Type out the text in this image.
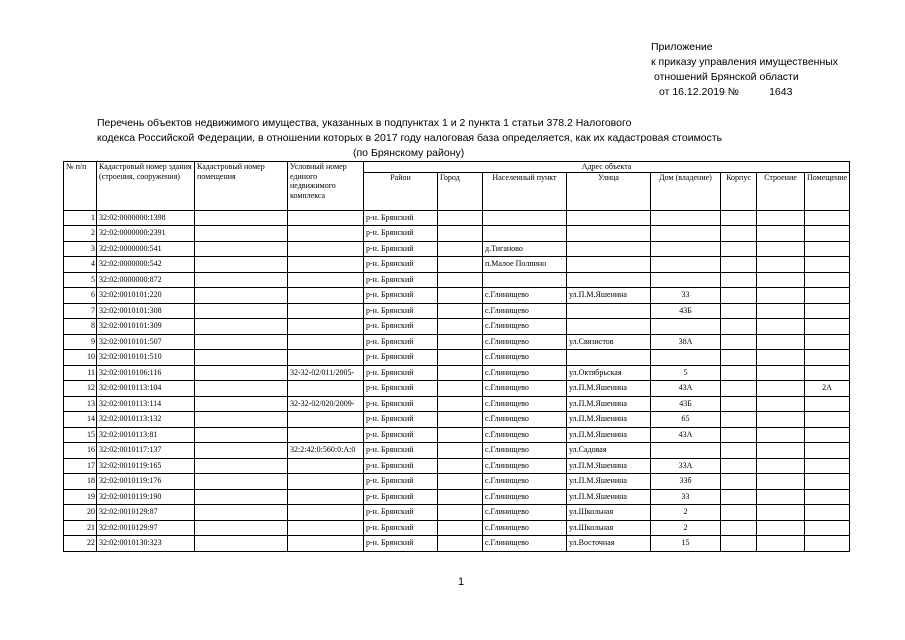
Приложение
к приказу управления имущественных
отношений Брянской области
от 16.12.2019 №	1643
Перечень объектов недвижимого имущества, указанных в подпунктах 1 и 2 пункта 1 статьи 378.2 Налогового
кодекса Российской Федерации, в отношении которых в 2017 году налоговая база определяется, как их кадастровая стоимость
(по Брянскому району)
№ п/п	Кадастровый номер здания (строения, сооружения)	Кадастровый номер помещения	Условный номер единого недвижимого комплекса	Адрес объекта							
				Район	Город	Населенный пункт	Улица	Дом (владение)	Корпус	Строение	Помещение
1	32:02:0000000:1398			р-н. Брянский							
2	32:02:0000000:2391			р-н. Брянский							
3	32:02:0000000:541			р-н. Брянский		д.Тиганово					
4	32:02:0000000:542			р-н. Брянский		п.Малое Полпино					
5	32:02:0000000:872			р-н. Брянский							
6	32:02:0010101:220			р-н. Брянский		с.Глинищево	ул.П.М.Яшенина	33			
7	32:02:0010101:308			р-н. Брянский		с.Глинищево		43Б			
8	32:02:0010101:309			р-н. Брянский		с.Глинищево					
9	32:02:0010101:507			р-н. Брянский		с.Глинищево	ул.Связистов	38А			
10	32:02:0010101:510			р-н. Брянский		с.Глинищево					
11	32:02:0010106:116		32-32-02/011/2005-	р-н. Брянский		с.Глинищево	ул.Октябрьская	5			
12	32:02:0010113:104			р-н. Брянский		с.Глинищево	ул.П.М.Яшенина	43А			2А
13	32:02:0010113:114		32-32-02/020/2009-	р-н. Брянский		с.Глинищево	ул.П.М.Яшенина	43Б			
14	32:02:0010113:132			р-н. Брянский		с.Глинищево	ул.П.М.Яшенина	65			
15	32:02:0010113:81			р-н. Брянский		с.Глинищево	ул.П.М.Яшенина	43А			
16	32:02:0010117:137		32:2:42:0:560:0:А:0	р-н. Брянский		с.Глинищево	ул.Садовая				
17	32:02:0010119:165			р-н. Брянский		с.Глинищево	ул.П.М.Яшенина	33А			
18	32:02:0010119:176			р-н. Брянский		с.Глинищево	ул.П.М.Яшенина	33б			
19	32:02:0010119:190			р-н. Брянский		с.Глинищево	ул.П.М.Яшенина	33			
20	32:02:0010129:87			р-н. Брянский		с.Глинищево	ул.Школьная	2			
21	32:02:0010129:97			р-н. Брянский		с.Глинищево	ул.Школьная	2			
22	32:02:0010130:323			р-н. Брянский		с.Глинищево	ул.Восточная	15			
1
